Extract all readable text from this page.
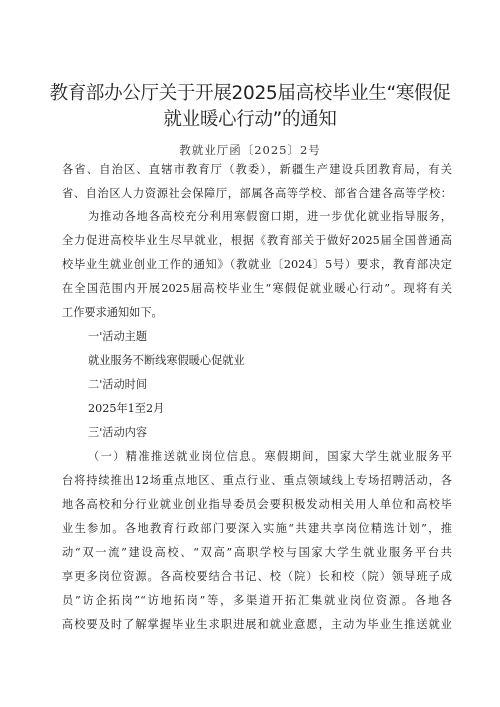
教育部办公厅关于开展2025届高校毕业生“寒假促
就业暖心行动”的通知
教就业厅函〔2025〕2号
各省、自治区、直辖市教育厅（教委），新疆生产建设兵团教育局，有关
省、自治区人力资源社会保障厅，部属各高等学校、部省合建各高等学校：
为推动各地各高校充分利用寒假窗口期，进一步优化就业指导服务，
全力促进高校毕业生尽早就业，根据《教育部关于做好2025届全国普通高
校毕业生就业创业工作的通知》（教就业〔2024〕5号）要求，教育部决定
在全国范围内开展2025届高校毕业生“寒假促就业暖心行动”。现将有关
工作要求通知如下。
一'活动主题
就业服务不断线寒假暖心促就业
二'活动时间
2025年1至2月
三'活动内容
（一）精准推送就业岗位信息。寒假期间，国家大学生就业服务平
台将持续推出12场重点地区、重点行业、重点领域线上专场招聘活动，各
地各高校和分行业就业创业指导委员会要积极发动相关用人单位和高校毕
业生参加。各地教育行政部门要深入实施“共建共享岗位精选计划”，推
动“双一流”建设高校、“双高”高职学校与国家大学生就业服务平台共
享更多岗位资源。各高校要结合书记、校（院）长和校（院）领导班子成
员”访企拓岗”“访地拓岗”等，多渠道开拓汇集就业岗位资源。各地各
高校要及时了解掌握毕业生求职进展和就业意愿，主动为毕业生推送就业
